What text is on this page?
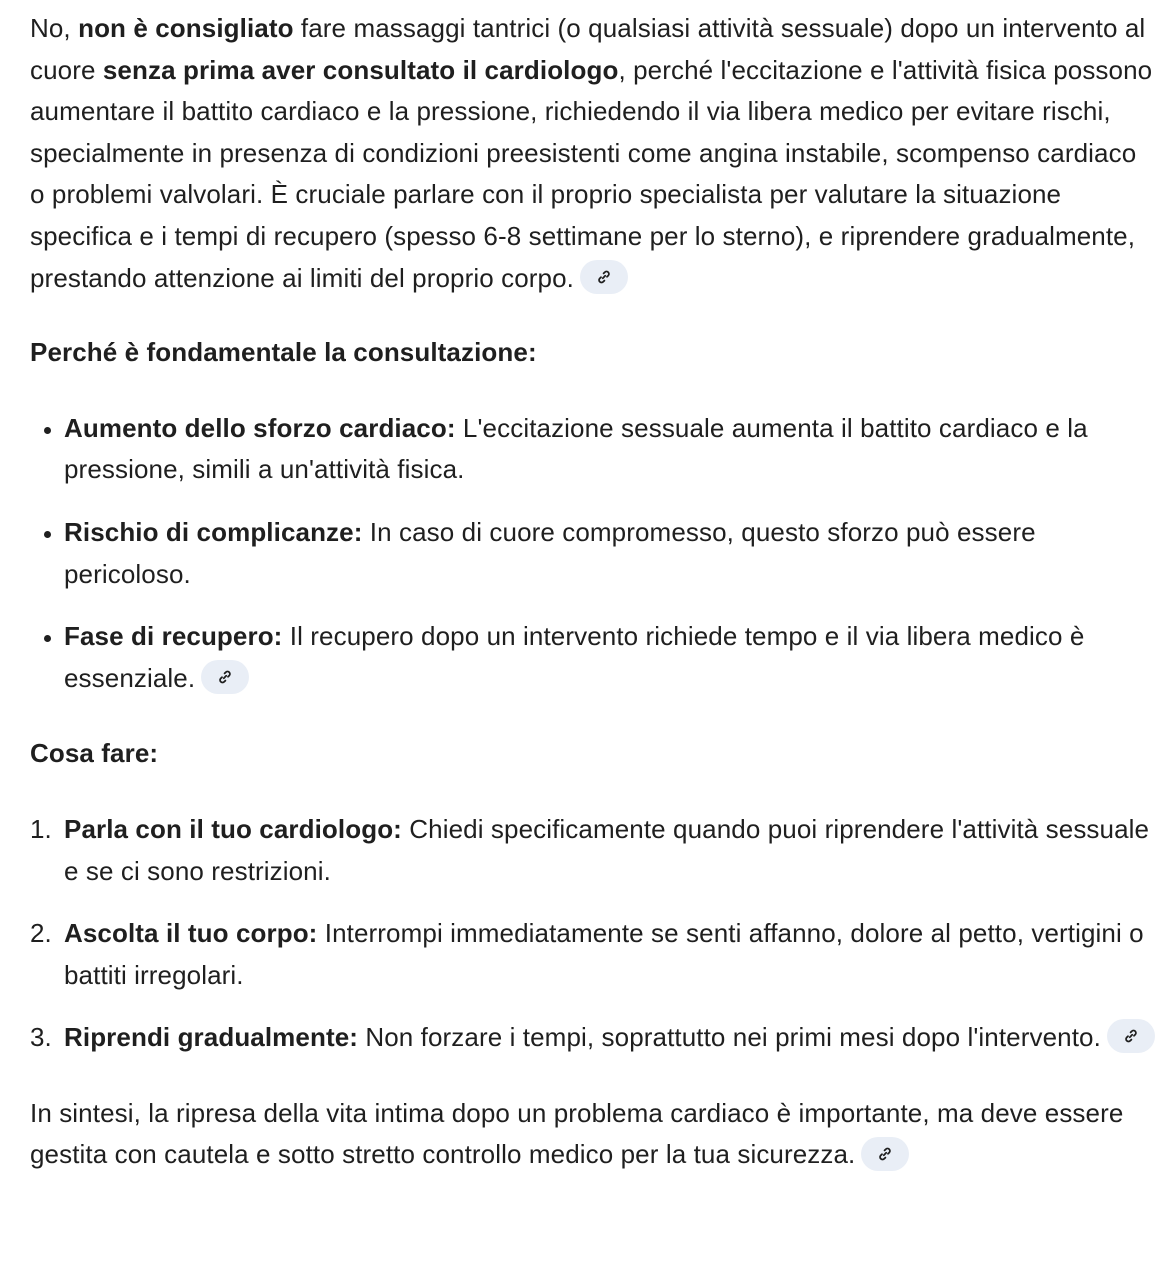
No, non è consigliato fare massaggi tantrici (o qualsiasi attività sessuale) dopo un intervento al cuore senza prima aver consultato il cardiologo, perché l'eccitazione e l'attività fisica possono aumentare il battito cardiaco e la pressione, richiedendo il via libera medico per evitare rischi, specialmente in presenza di condizioni preesistenti come angina instabile, scompenso cardiaco o problemi valvolari. È cruciale parlare con il proprio specialista per valutare la situazione specifica e i tempi di recupero (spesso 6-8 settimane per lo sterno), e riprendere gradualmente, prestando attenzione ai limiti del proprio corpo.

Perché è fondamentale la consultazione:

• Aumento dello sforzo cardiaco: L'eccitazione sessuale aumenta il battito cardiaco e la pressione, simili a un'attività fisica.
• Rischio di complicanze: In caso di cuore compromesso, questo sforzo può essere pericoloso.
• Fase di recupero: Il recupero dopo un intervento richiede tempo e il via libera medico è essenziale.

Cosa fare:

1. Parla con il tuo cardiologo: Chiedi specificamente quando puoi riprendere l'attività sessuale e se ci sono restrizioni.
2. Ascolta il tuo corpo: Interrompi immediatamente se senti affanno, dolore al petto, vertigini o battiti irregolari.
3. Riprendi gradualmente: Non forzare i tempi, soprattutto nei primi mesi dopo l'intervento.

In sintesi, la ripresa della vita intima dopo un problema cardiaco è importante, ma deve essere gestita con cautela e sotto stretto controllo medico per la tua sicurezza.
